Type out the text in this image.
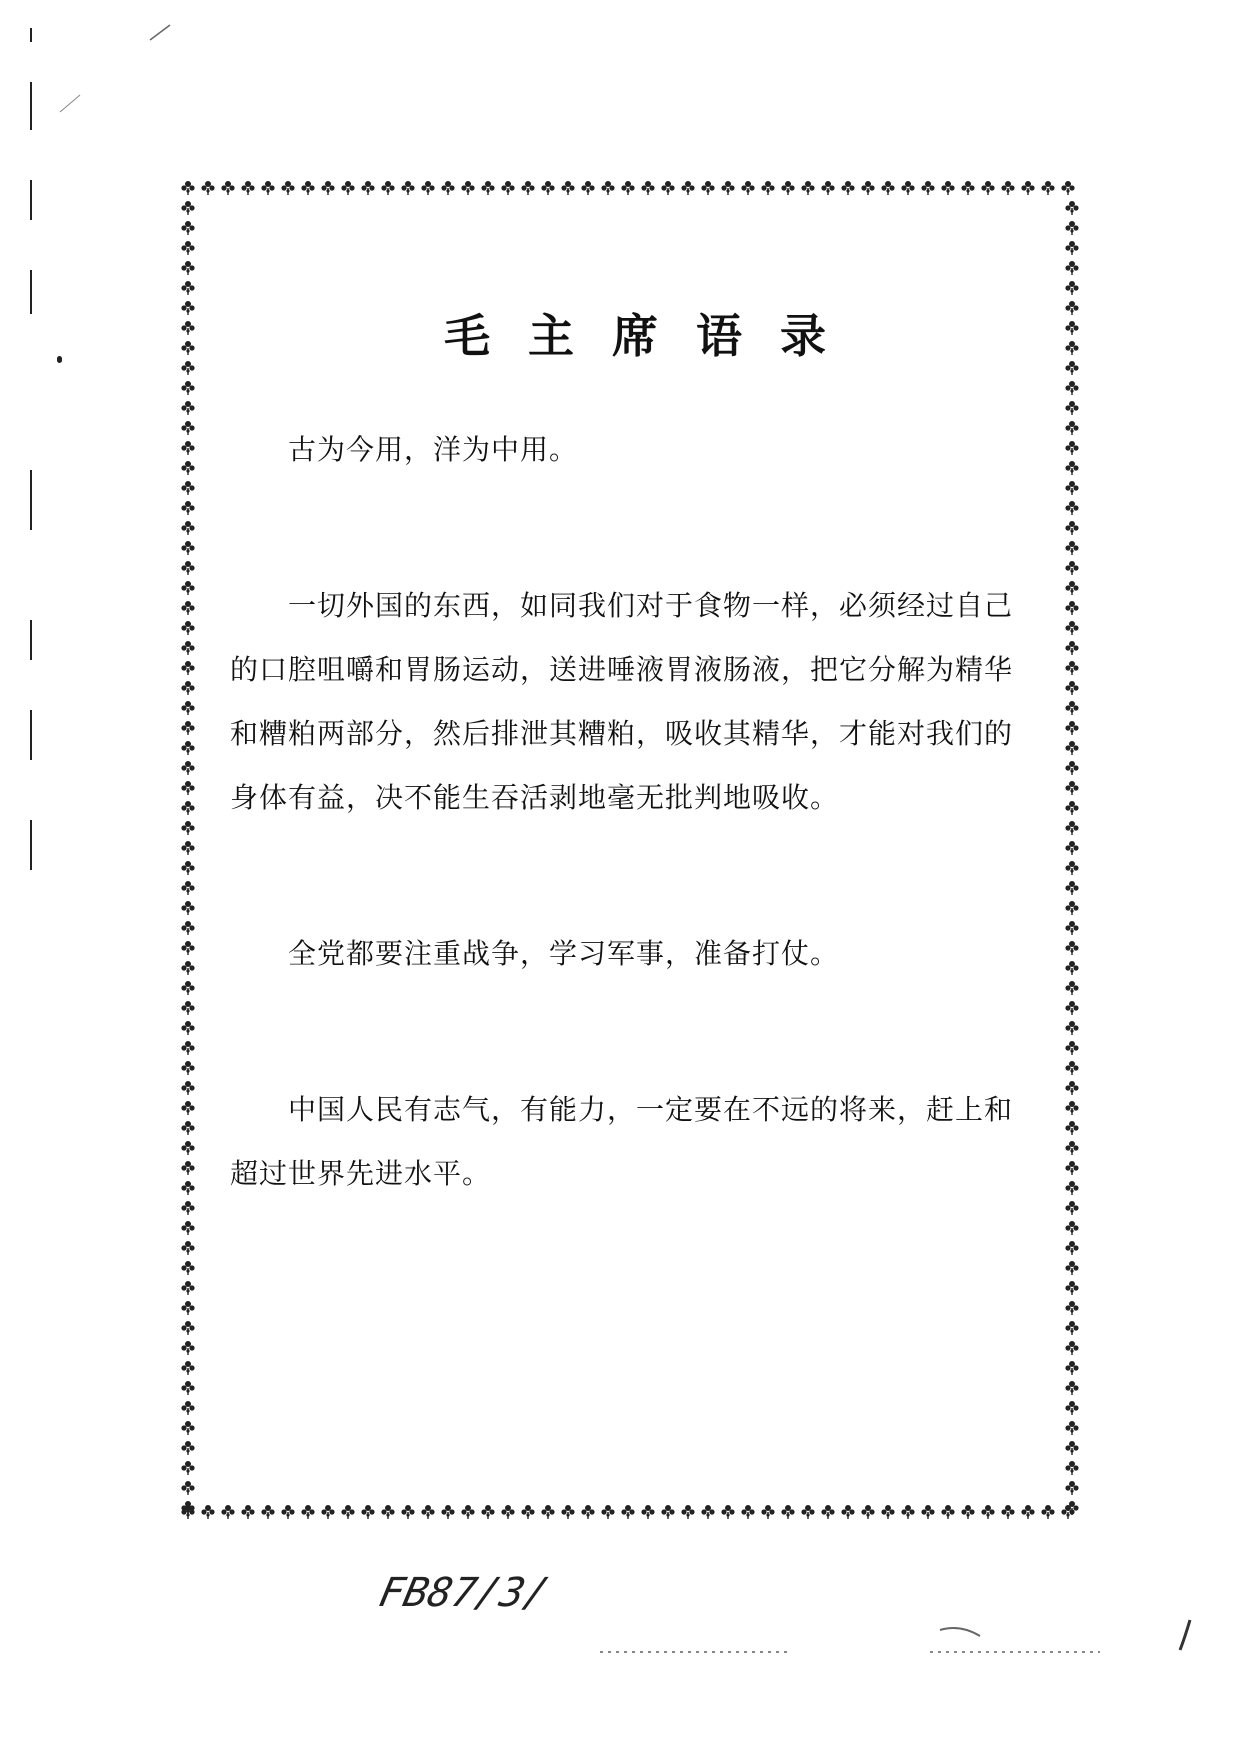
毛主席语录

古为今用，洋为中用。

一切外国的东西，如同我们对于食物一样，必须经过自己的口腔咀嚼和胃肠运动，送进唾液胃液肠液，把它分解为精华和糟粕两部分，然后排泄其糟粕，吸收其精华，才能对我们的身体有益，决不能生吞活剥地毫无批判地吸收。

全党都要注重战争，学习军事，准备打仗。

中国人民有志气，有能力，一定要在不远的将来，赶上和超过世界先进水平。

FB87/3/
